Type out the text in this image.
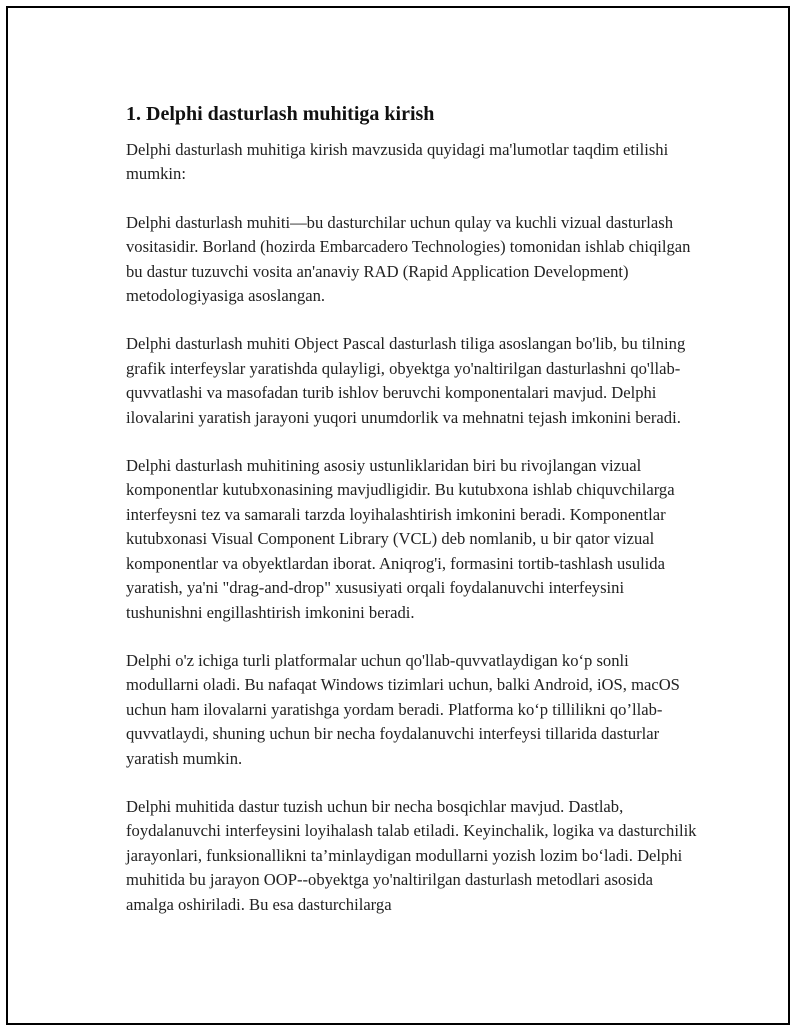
1. Delphi dasturlash muhitiga kirish

Delphi dasturlash muhitiga kirish mavzusida quyidagi ma'lumotlar taqdim etilishi mumkin:

Delphi dasturlash muhiti—bu dasturchilar uchun qulay va kuchli vizual dasturlash vositasidir. Borland (hozirda Embarcadero Technologies) tomonidan ishlab chiqilgan bu dastur tuzuvchi vosita an'anaviy RAD (Rapid Application Development) metodologiyasiga asoslangan.

Delphi dasturlash muhiti Object Pascal dasturlash tiliga asoslangan bo'lib, bu tilning grafik interfeyslar yaratishda qulayligi, obyektga yo'naltirilgan dasturlashni qo'llab-quvvatlashi va masofadan turib ishlov beruvchi komponentalari mavjud. Delphi ilovalarini yaratish jarayoni yuqori unumdorlik va mehnatni tejash imkonini beradi.

Delphi dasturlash muhitining asosiy ustunliklaridan biri bu rivojlangan vizual komponentlar kutubxonasining mavjudligidir. Bu kutubxona ishlab chiquvchilarga interfeysni tez va samarali tarzda loyihalashtirish imkonini beradi. Komponentlar kutubxonasi Visual Component Library (VCL) deb nomlanib, u bir qator vizual komponentlar va obyektlardan iborat. Aniqrog'i, formasini tortib-tashlash usulida yaratish, ya'ni "drag-and-drop" xususiyati orqali foydalanuvchi interfeysini tushunishni engillashtirish imkonini beradi.

Delphi o'z ichiga turli platformalar uchun qo'llab-quvvatlaydigan ko‘p sonli modullarni oladi. Bu nafaqat Windows tizimlari uchun, balki Android, iOS, macOS uchun ham ilovalarni yaratishga yordam beradi. Platforma ko‘p tillilikni qo’llab-quvvatlaydi, shuning uchun bir necha foydalanuvchi interfeysi tillarida dasturlar yaratish mumkin.

Delphi muhitida dastur tuzish uchun bir necha bosqichlar mavjud. Dastlab, foydalanuvchi interfeysini loyihalash talab etiladi. Keyinchalik, logika va dasturchilik jarayonlari, funksionallikni ta’minlaydigan modullarni yozish lozim bo‘ladi. Delphi muhitida bu jarayon OOP--obyektga yo'naltirilgan dasturlash metodlari asosida amalga oshiriladi. Bu esa dasturchilarga
